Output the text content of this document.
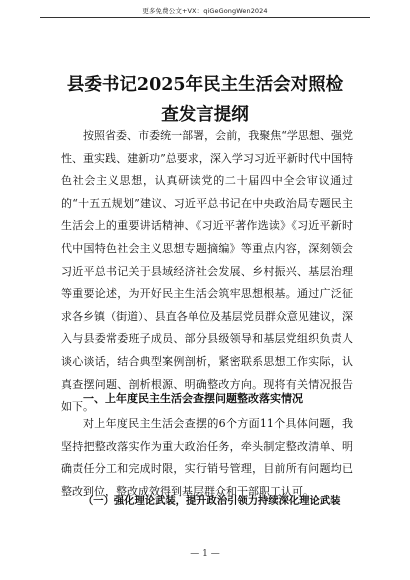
更多免费公文+VX：qiGeGongWen2024
县委书记2025年民主生活会对照检查发言提纲

按照省委、市委统一部署，会前，我聚焦“学思想、强党性、重实践、建新功”总要求，深入学习习近平新时代中国特色社会主义思想，认真研读党的二十届四中全会审议通过的“十五五规划”建议、习近平总书记在中央政治局专题民主生活会上的重要讲话精神、《习近平著作选读》《习近平新时代中国特色社会主义思想专题摘编》等重点内容，深刻领会习近平总书记关于县域经济社会发展、乡村振兴、基层治理等重要论述，为开好民主生活会筑牢思想根基。通过广泛征求各乡镇（街道）、县直各单位及基层党员群众意见建议，深入与县委常委班子成员、部分县级领导和基层党组织负责人谈心谈话，结合典型案例剖析，紧密联系思想工作实际，认真查摆问题、剖析根源、明确整改方向。现将有关情况报告如下。

一、上年度民主生活会查摆问题整改落实情况

对上年度民主生活会查摆的6个方面11个具体问题，我坚持把整改落实作为重大政治任务，牵头制定整改清单、明确责任分工和完成时限，实行销号管理，目前所有问题均已整改到位，整改成效得到基层群众和干部职工认可。

（一）强化理论武装，提升政治引领力持续深化理论武装
— 1 —
